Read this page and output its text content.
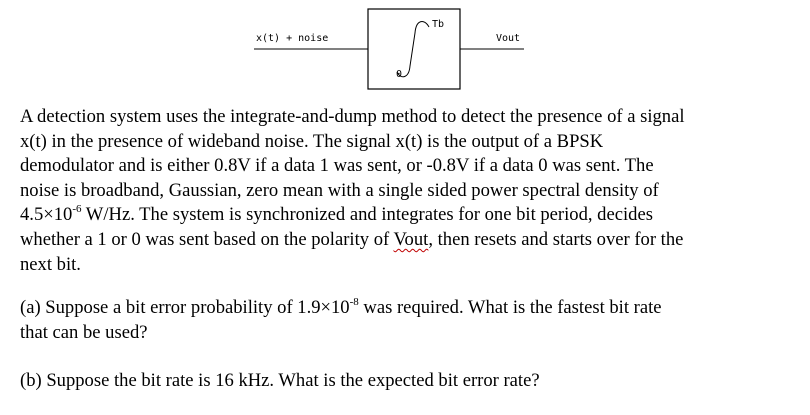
x(t) + noise	Vout
Tb
0
A detection system uses the integrate-and-dump method to detect the presence of a signal
x(t) in the presence of wideband noise. The signal x(t) is the output of a BPSK
demodulator and is either 0.8V if a data 1 was sent, or -0.8V if a data 0 was sent. The
noise is broadband, Gaussian, zero mean with a single sided power spectral density of
$4.5\times 10^{-6}$ W/Hz. The system is synchronized and integrates for one bit period, decides
whether a 1 or 0 was sent based on the polarity of Vout, then resets and starts over for the
next bit.
(a) Suppose a bit error probability of $1.9\times 10^{-8}$ was required. What is the fastest bit rate
that can be used?
(b) Suppose the bit rate is 16 kHz. What is the expected bit error rate?
